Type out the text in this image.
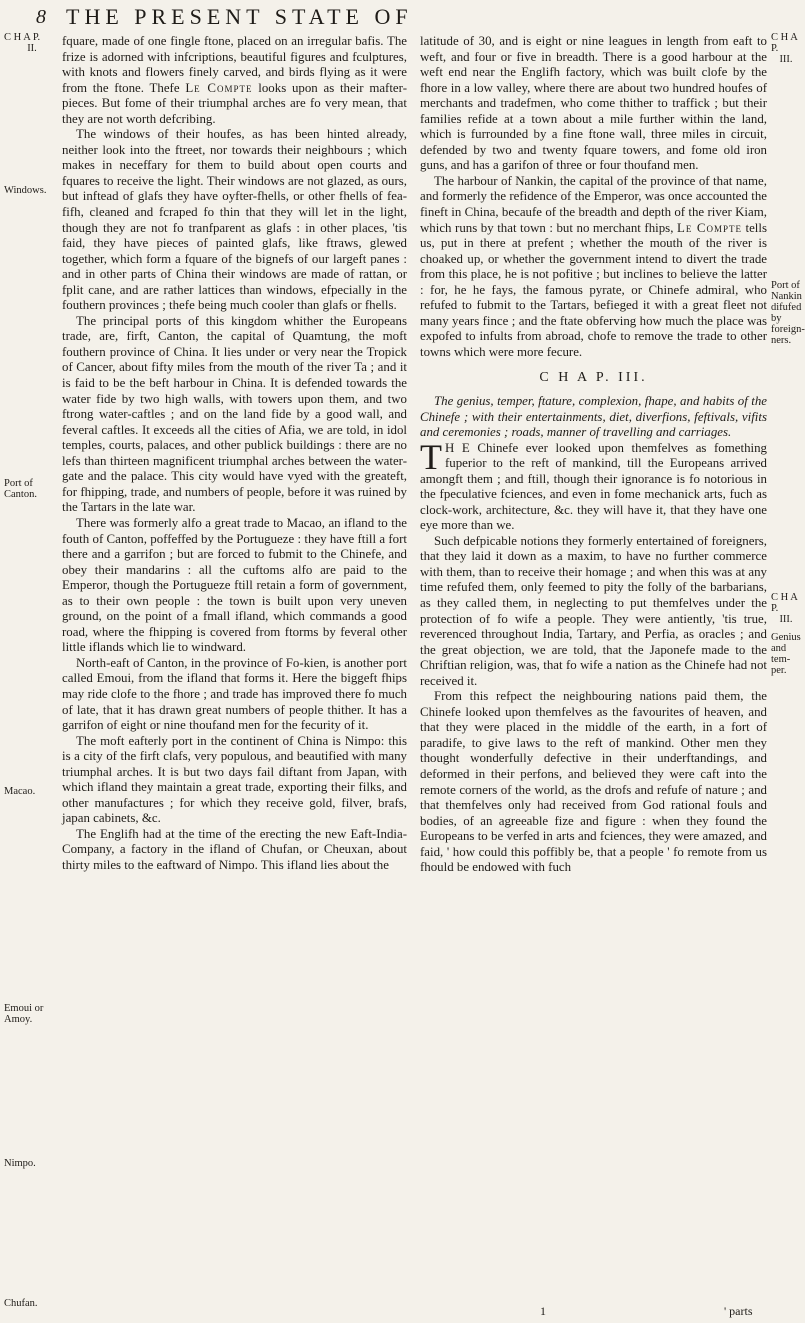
8 THE PRESENT STATE OF
C H A P.
II.
Windows.
Port of
Canton.
Macao.
Emoui or
Amoy.
Nimpo.
Chufan.
C H A P.
III.
Port of
Nankin
difufed by
foreign-
ners.
C H A P.
III.
Genius
and tem-
per.

fquare, made of one fingle ftone, placed on an irregular bafis. The frize is adorned with infcriptions, beautiful figures and fculptures, with knots and flowers finely carved, and birds flying as it were from the ftone. Thefe Le Compte looks upon as their mafter-pieces. But fome of their triumphal arches are fo very mean, that they are not worth defcribing.

The windows of their houfes, as has been hinted already, neither look into the ftreet, nor towards their neighbours ; which makes in neceffary for them to build about open courts and fquares to receive the light. Their windows are not glazed, as ours, but inftead of glafs they have oyfter-fhells, or other fhells of fea-fifh, cleaned and fcraped fo thin that they will let in the light, though they are not fo tranfparent as glafs : in other places, 'tis faid, they have pieces of painted glafs, like ftraws, glewed together, which form a fquare of the bignefs of our largeft panes : and in other parts of China their windows are made of rattan, or fplit cane, and are rather lattices than windows, efpecially in the fouthern provinces ; thefe being much cooler than glafs or fhells.

The principal ports of this kingdom whither the Europeans trade, are, firft, Canton, the capital of Quamtung, the moft fouthern province of China. It lies under or very near the Tropick of Cancer, about fifty miles from the mouth of the river Ta ; and it is faid to be the beft harbour in China. It is defended towards the water fide by two high walls, with towers upon them, and two ftrong water-caftles ; and on the land fide by a good wall, and feveral caftles. It exceeds all the cities of Afia, we are told, in idol temples, courts, palaces, and other publick buildings : there are no lefs than thirteen magnificent triumphal arches between the water-gate and the palace. This city would have vyed with the greateft, for fhipping, trade, and numbers of people, before it was ruined by the Tartars in the late war.

There was formerly alfo a great trade to Macao, an ifland to the fouth of Canton, poffeffed by the Portugueze : they have ftill a fort there and a garrifon ; but are forced to fubmit to the Chinefe, and obey their mandarins : all the cuftoms alfo are paid to the Emperor, though the Portugueze ftill retain a form of government, as to their own people : the town is built upon very uneven ground, on the point of a fmall ifland, which commands a good road, where the fhipping is covered from ftorms by feveral other little iflands which lie to windward.

North-eaft of Canton, in the province of Fo-kien, is another port called Emoui, from the ifland that forms it. Here the biggeft fhips may ride clofe to the fhore ; and trade has improved there fo much of late, that it has drawn great numbers of people thither. It has a garrifon of eight or nine thoufand men for the fecurity of it.

The moft eafterly port in the continent of China is Nimpo: this is a city of the firft clafs, very populous, and beautified with many triumphal arches. It is but two days fail diftant from Japan, with which ifland they maintain a great trade, exporting their filks, and other manufactures ; for which they receive gold, filver, brafs, japan cabinets, &c.

The Englifh had at the time of the erecting the new Eaft-India-Company, a factory in the ifland of Chufan, or Cheuxan, about thirty miles to the eaftward of Nimpo. This ifland lies about the

latitude of 30, and is eight or nine leagues in length from eaft to weft, and four or five in breadth. There is a good harbour at the weft end near the Englifh factory, which was built clofe by the fhore in a low valley, where there are about two hundred houfes of merchants and tradefmen, who come thither to traffick ; but their families refide at a town about a mile further within the land, which is furrounded by a fine ftone wall, three miles in circuit, defended by two and twenty fquare towers, and fome old iron guns, and has a garifon of three or four thoufand men.

The harbour of Nankin, the capital of the province of that name, and formerly the refidence of the Emperor, was once accounted the fineft in China, becaufe of the breadth and depth of the river Kiam, which runs by that town : but no merchant fhips, Le Compte tells us, put in there at prefent ; whether the mouth of the river is choaked up, or whether the government intend to divert the trade from this place, he is not pofitive ; but inclines to believe the latter : for, he he fays, the famous pyrate, or Chinefe admiral, who refufed to fubmit to the Tartars, befieged it with a great fleet not many years fince ; and the ftate obferving how much the place was expofed to infults from abroad, chofe to remove the trade to other towns which were more fecure.

C H A P. III.

The genius, temper, ftature, complexion, fhape, and habits of the Chinefe ; with their entertainments, diet, diverfions, feftivals, vifits and ceremonies ; roads, manner of travelling and carriages.

T H E Chinefe ever looked upon themfelves as fomething fuperior to the reft of mankind, till the Europeans arrived amongft them ; and ftill, though their ignorance is fo notorious in the fpeculative fciences, and even in fome mechanick arts, fuch as clock-work, architecture, &c. they will have it, that they have one eye more than we.

Such defpicable notions they formerly entertained of foreigners, that they laid it down as a maxim, to have no further commerce with them, than to receive their homage ; and when this was at any time refufed them, only feemed to pity the folly of the barbarians, as they called them, in neglecting to put themfelves under the protection of fo wife a people. They were antiently, 'tis true, reverenced throughout India, Tartary, and Perfia, as oracles ; and the great objection, we are told, that the Japonefe made to the Chriftian religion, was, that fo wife a nation as the Chinefe had not received it.

From this refpect the neighbouring nations paid them, the Chinefe looked upon themfelves as the favourites of heaven, and that they were placed in the middle of the earth, in a fort of paradife, to give laws to the reft of mankind. Other men they thought wonderfully defective in their underftandings, and deformed in their perfons, and believed they were caft into the remote corners of the world, as the drofs and refufe of nature ; and that themfelves only had received from God rational fouls and bodies, of an agreeable fize and figure : when they found the Europeans to be verfed in arts and fciences, they were amazed, and faid, ' how could this poffibly be, that a people ' fo remote from us fhould be endowed with fuch

1	' parts
